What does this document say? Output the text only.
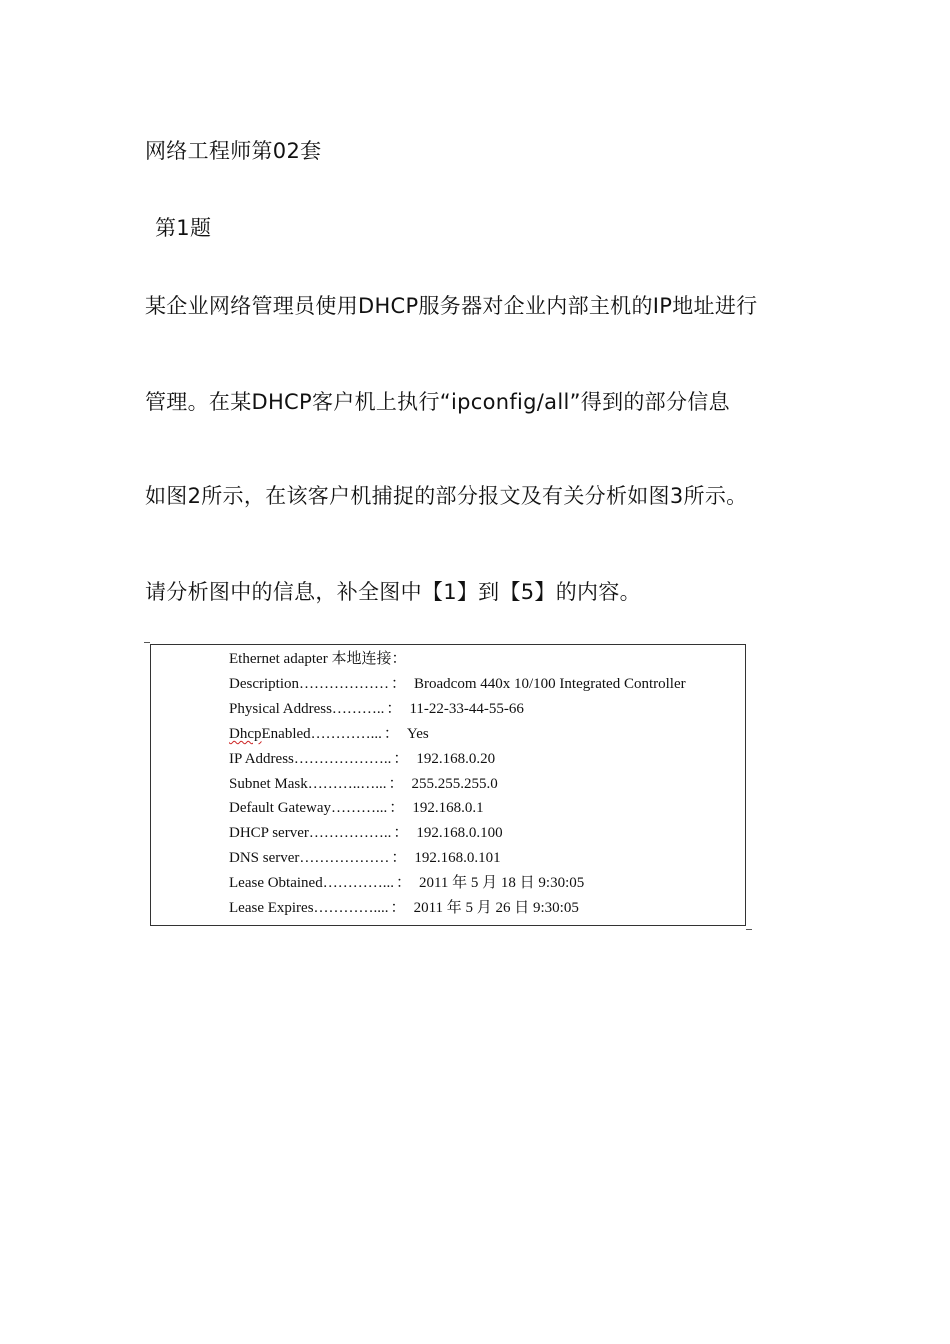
网络工程师第02套
第1题
某企业网络管理员使用DHCP服务器对企业内部主机的IP地址进行
管理。在某DHCP客户机上执行“ipconfig/all”得到的部分信息
如图2所示，在该客户机捕捉的部分报文及有关分析如图3所示。
请分析图中的信息，补全图中【1】到【5】的内容。
Ethernet adapter 本地连接：
Description……………… ： Broadcom 440x 10/100 Integrated Controller
Physical Address……….. ： 11-22-33-44-55-66
DhcpEnabled…………... ： Yes
IP Address……………….. ： 192.168.0.20
Subnet Mask………..…... ： 255.255.255.0
Default Gateway………... ： 192.168.0.1
DHCP server…………….. ： 192.168.0.100
DNS server……………… ： 192.168.0.101
Lease Obtained…………... ： 2011 年 5 月 18 日 9:30:05
Lease Expires………….... ： 2011 年 5 月 26 日 9:30:05
